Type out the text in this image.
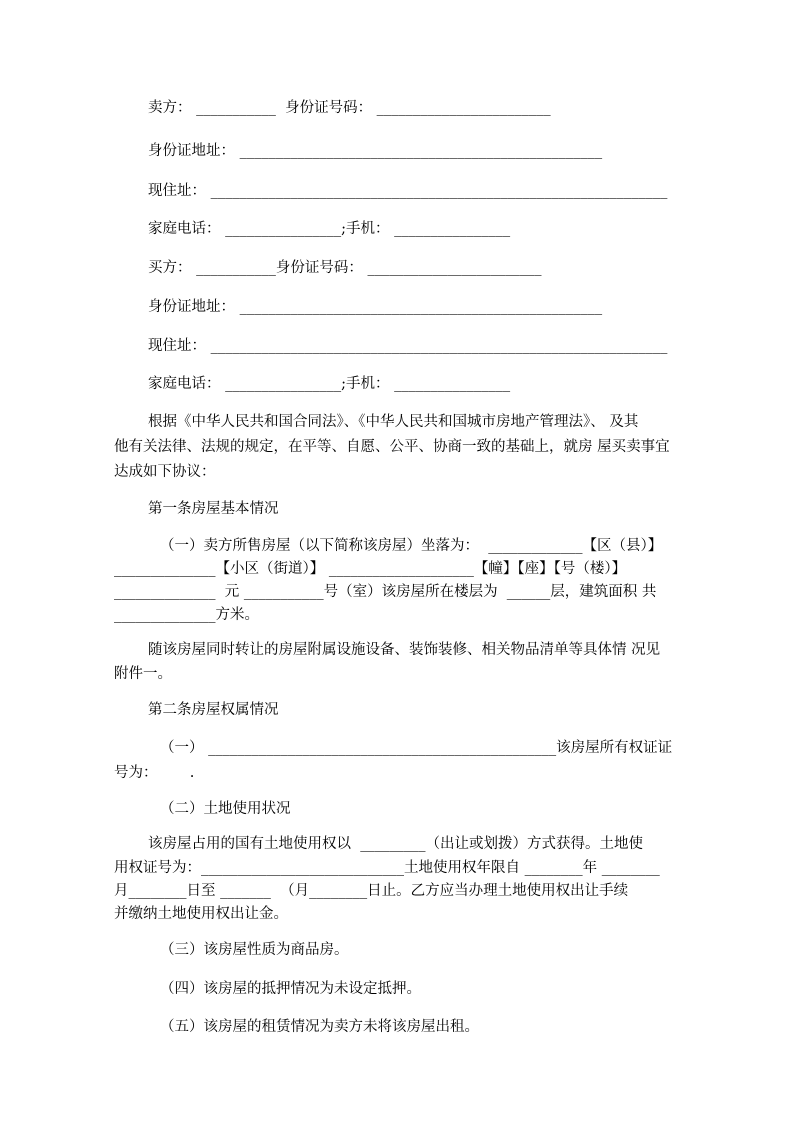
卖方： ___________  身份证号码： ________________________
身份证地址： __________________________________________________
现住址： _______________________________________________________________
家庭电话： ________________;手机： ________________
买方： ___________身份证号码： ________________________
身份证地址： __________________________________________________
现住址： _______________________________________________________________
家庭电话： ________________;手机： ________________
根据《中华人民共和国合同法》、《中华人民共和国城市房地产管理法》、 及其
他有关法律、法规的规定，在平等、自愿、公平、协商一致的基础上，就房 屋买卖事宜
达成如下协议：
第一条房屋基本情况
（一）卖方所售房屋（以下简称该房屋）坐落为：  _____________【区（县）】
______________【小区（街道）】 ____________________【幢】【座】【号（楼）】
______________  元 ___________号（室）该房屋所在楼层为  ______层，建筑面积 共
______________方米。
随该房屋同时转让的房屋附属设施设备、装饰装修、相关物品清单等具体情 况见
附件一。
第二条房屋权属情况
（一） ________________________________________________该房屋所有权证证
号为：       .
（二）土地使用状况
该房屋占用的国有土地使用权以  _________（出让或划拨）方式获得。土地使
用权证号为：____________________________土地使用权年限自 ________年 ________
月________日至 _______  （月________日止。乙方应当办理土地使用权出让手续
并缴纳土地使用权出让金。
（三）该房屋性质为商品房。
（四）该房屋的抵押情况为未设定抵押。
（五）该房屋的租赁情况为卖方未将该房屋出租。
